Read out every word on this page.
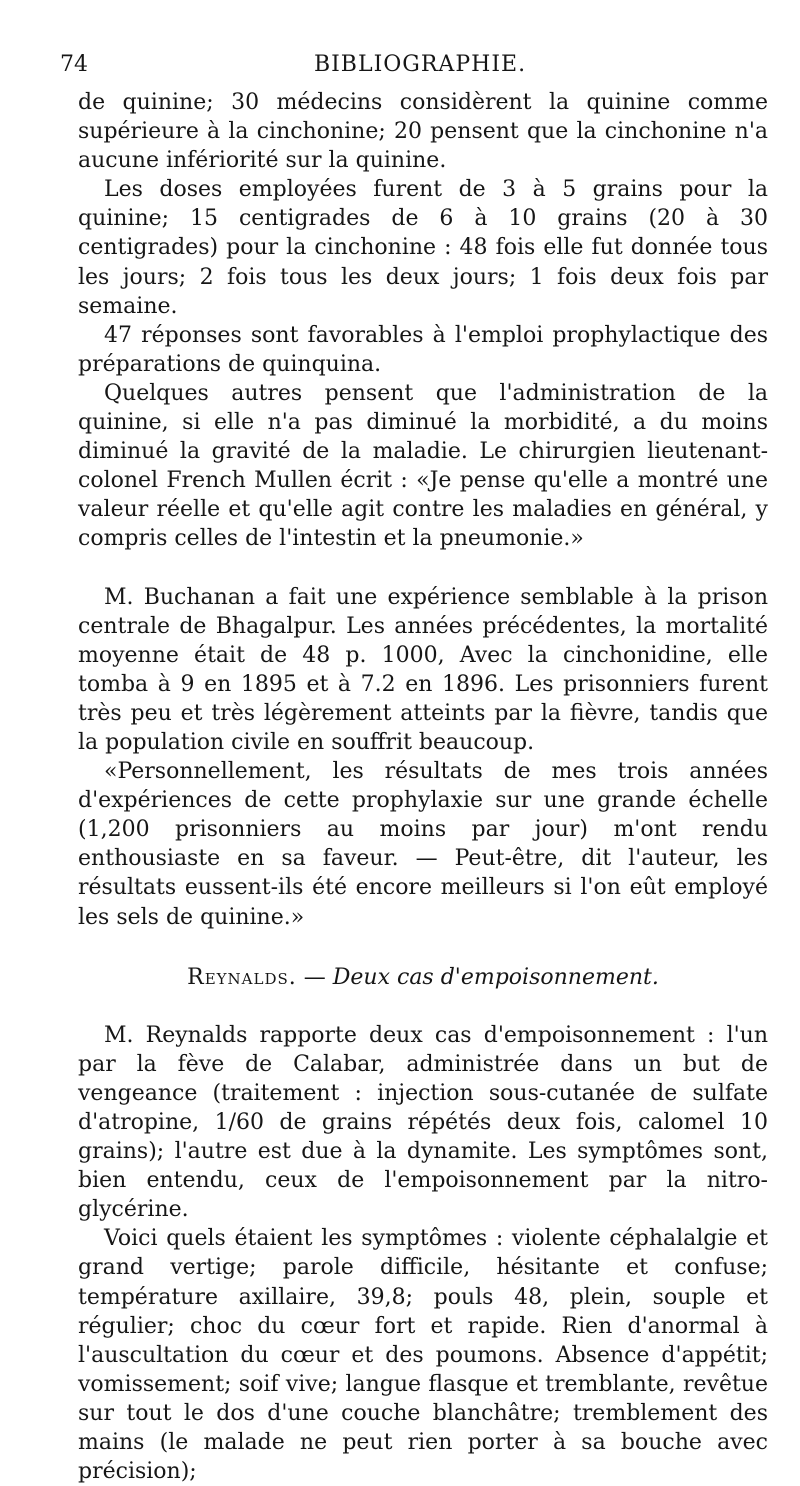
74	BIBLIOGRAPHIE.

de quinine; 30 médecins considèrent la quinine comme supérieure à la cinchonine; 20 pensent que la cinchonine n'a aucune infériorité sur la quinine.

Les doses employées furent de 3 à 5 grains pour la quinine; 15 centigrades de 6 à 10 grains (20 à 30 centigrades) pour la cinchonine : 48 fois elle fut donnée tous les jours; 2 fois tous les deux jours; 1 fois deux fois par semaine.

47 réponses sont favorables à l'emploi prophylactique des préparations de quinquina.

Quelques autres pensent que l'administration de la quinine, si elle n'a pas diminué la morbidité, a du moins diminué la gravité de la maladie. Le chirurgien lieutenant-colonel French Mullen écrit : «Je pense qu'elle a montré une valeur réelle et qu'elle agit contre les maladies en général, y compris celles de l'intestin et la pneumonie.»

M. Buchanan a fait une expérience semblable à la prison centrale de Bhagalpur. Les années précédentes, la mortalité moyenne était de 48 p. 1000, Avec la cinchonidine, elle tomba à 9 en 1895 et à 7.2 en 1896. Les prisonniers furent très peu et très légèrement atteints par la fièvre, tandis que la population civile en souffrit beaucoup.

«Personnellement, les résultats de mes trois années d'expériences de cette prophylaxie sur une grande échelle (1,200 prisonniers au moins par jour) m'ont rendu enthousiaste en sa faveur. — Peut-être, dit l'auteur, les résultats eussent-ils été encore meilleurs si l'on eût employé les sels de quinine.»

Reynalds. — Deux cas d'empoisonnement.

M. Reynalds rapporte deux cas d'empoisonnement : l'un par la fève de Calabar, administrée dans un but de vengeance (traitement : injection sous-cutanée de sulfate d'atropine, 1/60 de grains répétés deux fois, calomel 10 grains); l'autre est due à la dynamite. Les symptômes sont, bien entendu, ceux de l'empoisonnement par la nitro-glycérine.

Voici quels étaient les symptômes : violente céphalalgie et grand vertige; parole difficile, hésitante et confuse; température axillaire, 39,8; pouls 48, plein, souple et régulier; choc du cœur fort et rapide. Rien d'anormal à l'auscultation du cœur et des poumons. Absence d'appétit; vomissement; soif vive; langue flasque et tremblante, revêtue sur tout le dos d'une couche blanchâtre; tremblement des mains (le malade ne peut rien porter à sa bouche avec précision);
